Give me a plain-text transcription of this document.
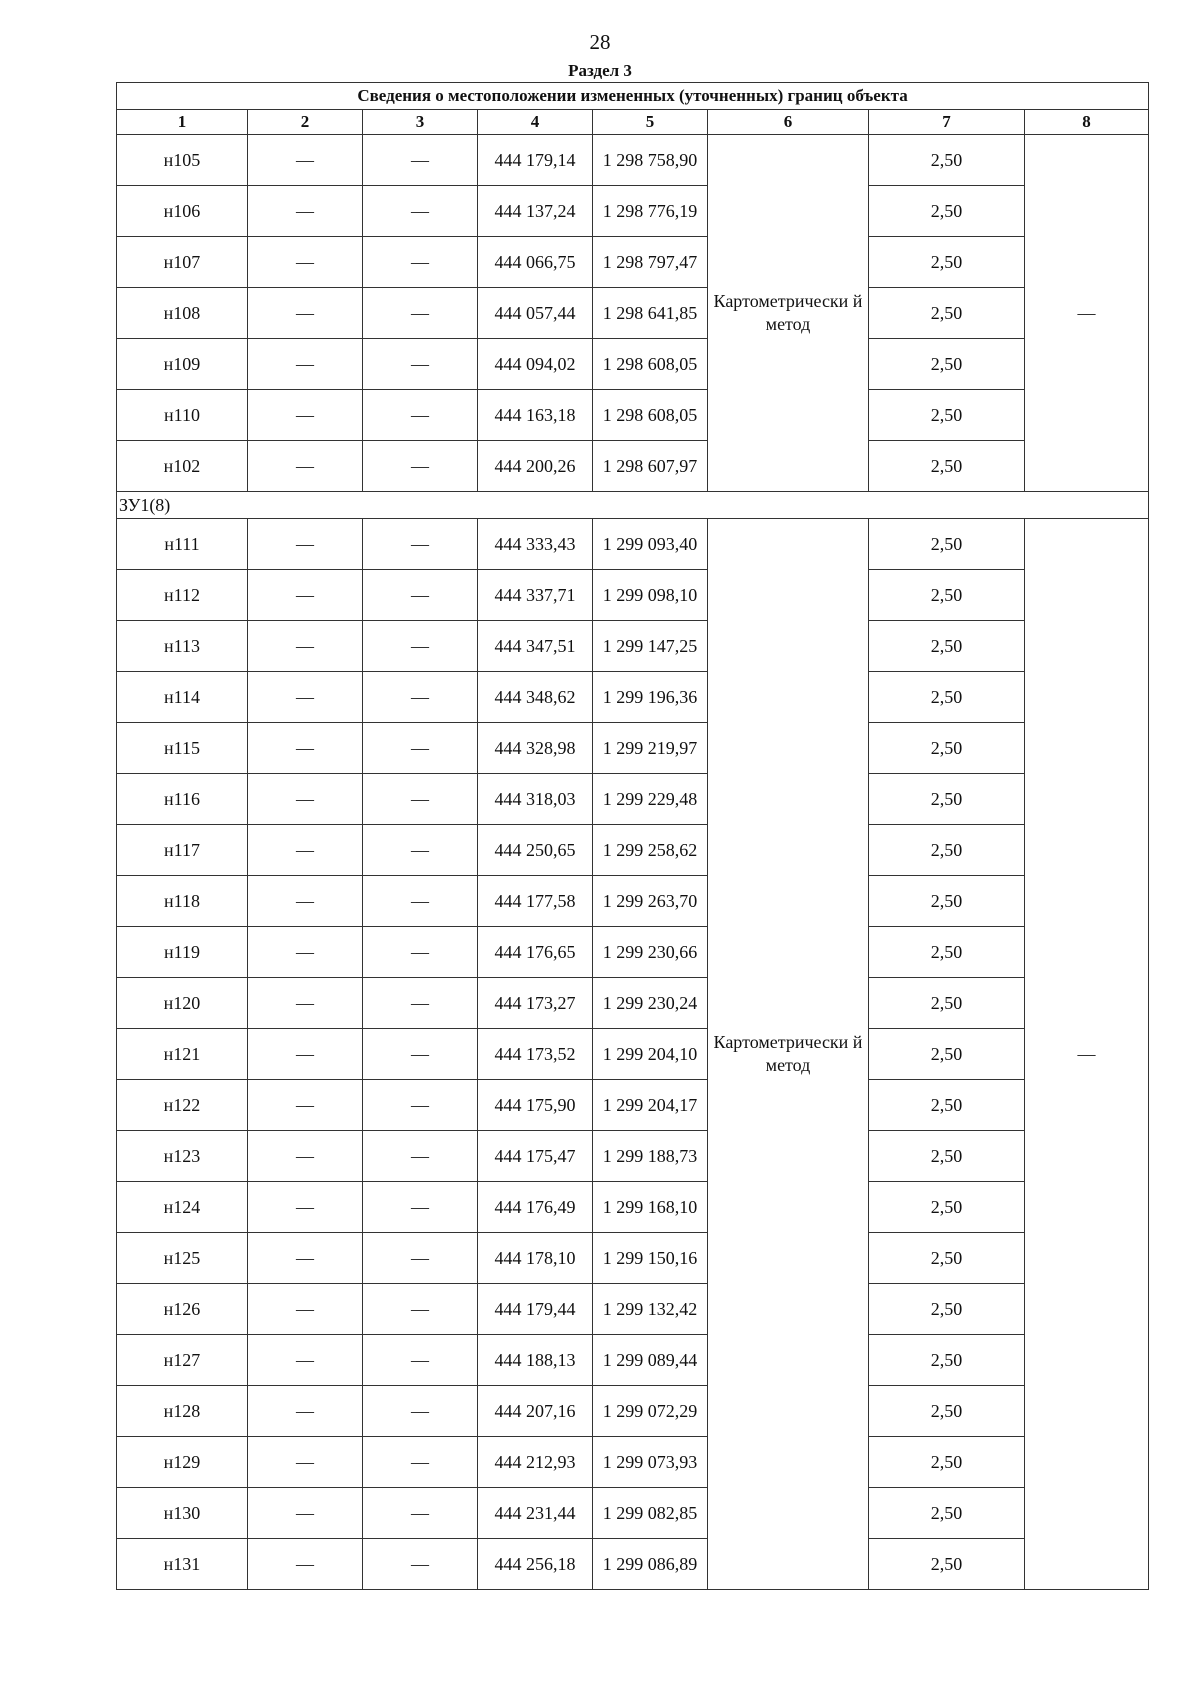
28
Раздел 3
Сведения о местоположении измененных (уточненных) границ объекта							
1	2	3	4	5	6	7	8
н105	—	—	444 179,14	1 298 758,90	Картометрически й метод	2,50	—
н106	—	—	444 137,24	1 298 776,19		2,50	
н107	—	—	444 066,75	1 298 797,47		2,50	
н108	—	—	444 057,44	1 298 641,85		2,50	
н109	—	—	444 094,02	1 298 608,05		2,50	
н110	—	—	444 163,18	1 298 608,05		2,50	
н102	—	—	444 200,26	1 298 607,97		2,50	
ЗУ1(8)							
н111	—	—	444 333,43	1 299 093,40	Картометрически й метод	2,50	—
н112	—	—	444 337,71	1 299 098,10		2,50	
н113	—	—	444 347,51	1 299 147,25		2,50	
н114	—	—	444 348,62	1 299 196,36		2,50	
н115	—	—	444 328,98	1 299 219,97		2,50	
н116	—	—	444 318,03	1 299 229,48		2,50	
н117	—	—	444 250,65	1 299 258,62		2,50	
н118	—	—	444 177,58	1 299 263,70		2,50	
н119	—	—	444 176,65	1 299 230,66		2,50	
н120	—	—	444 173,27	1 299 230,24		2,50	
н121	—	—	444 173,52	1 299 204,10		2,50	
н122	—	—	444 175,90	1 299 204,17		2,50	
н123	—	—	444 175,47	1 299 188,73		2,50	
н124	—	—	444 176,49	1 299 168,10		2,50	
н125	—	—	444 178,10	1 299 150,16		2,50	
н126	—	—	444 179,44	1 299 132,42		2,50	
н127	—	—	444 188,13	1 299 089,44		2,50	
н128	—	—	444 207,16	1 299 072,29		2,50	
н129	—	—	444 212,93	1 299 073,93		2,50	
н130	—	—	444 231,44	1 299 082,85		2,50	
н131	—	—	444 256,18	1 299 086,89		2,50	
